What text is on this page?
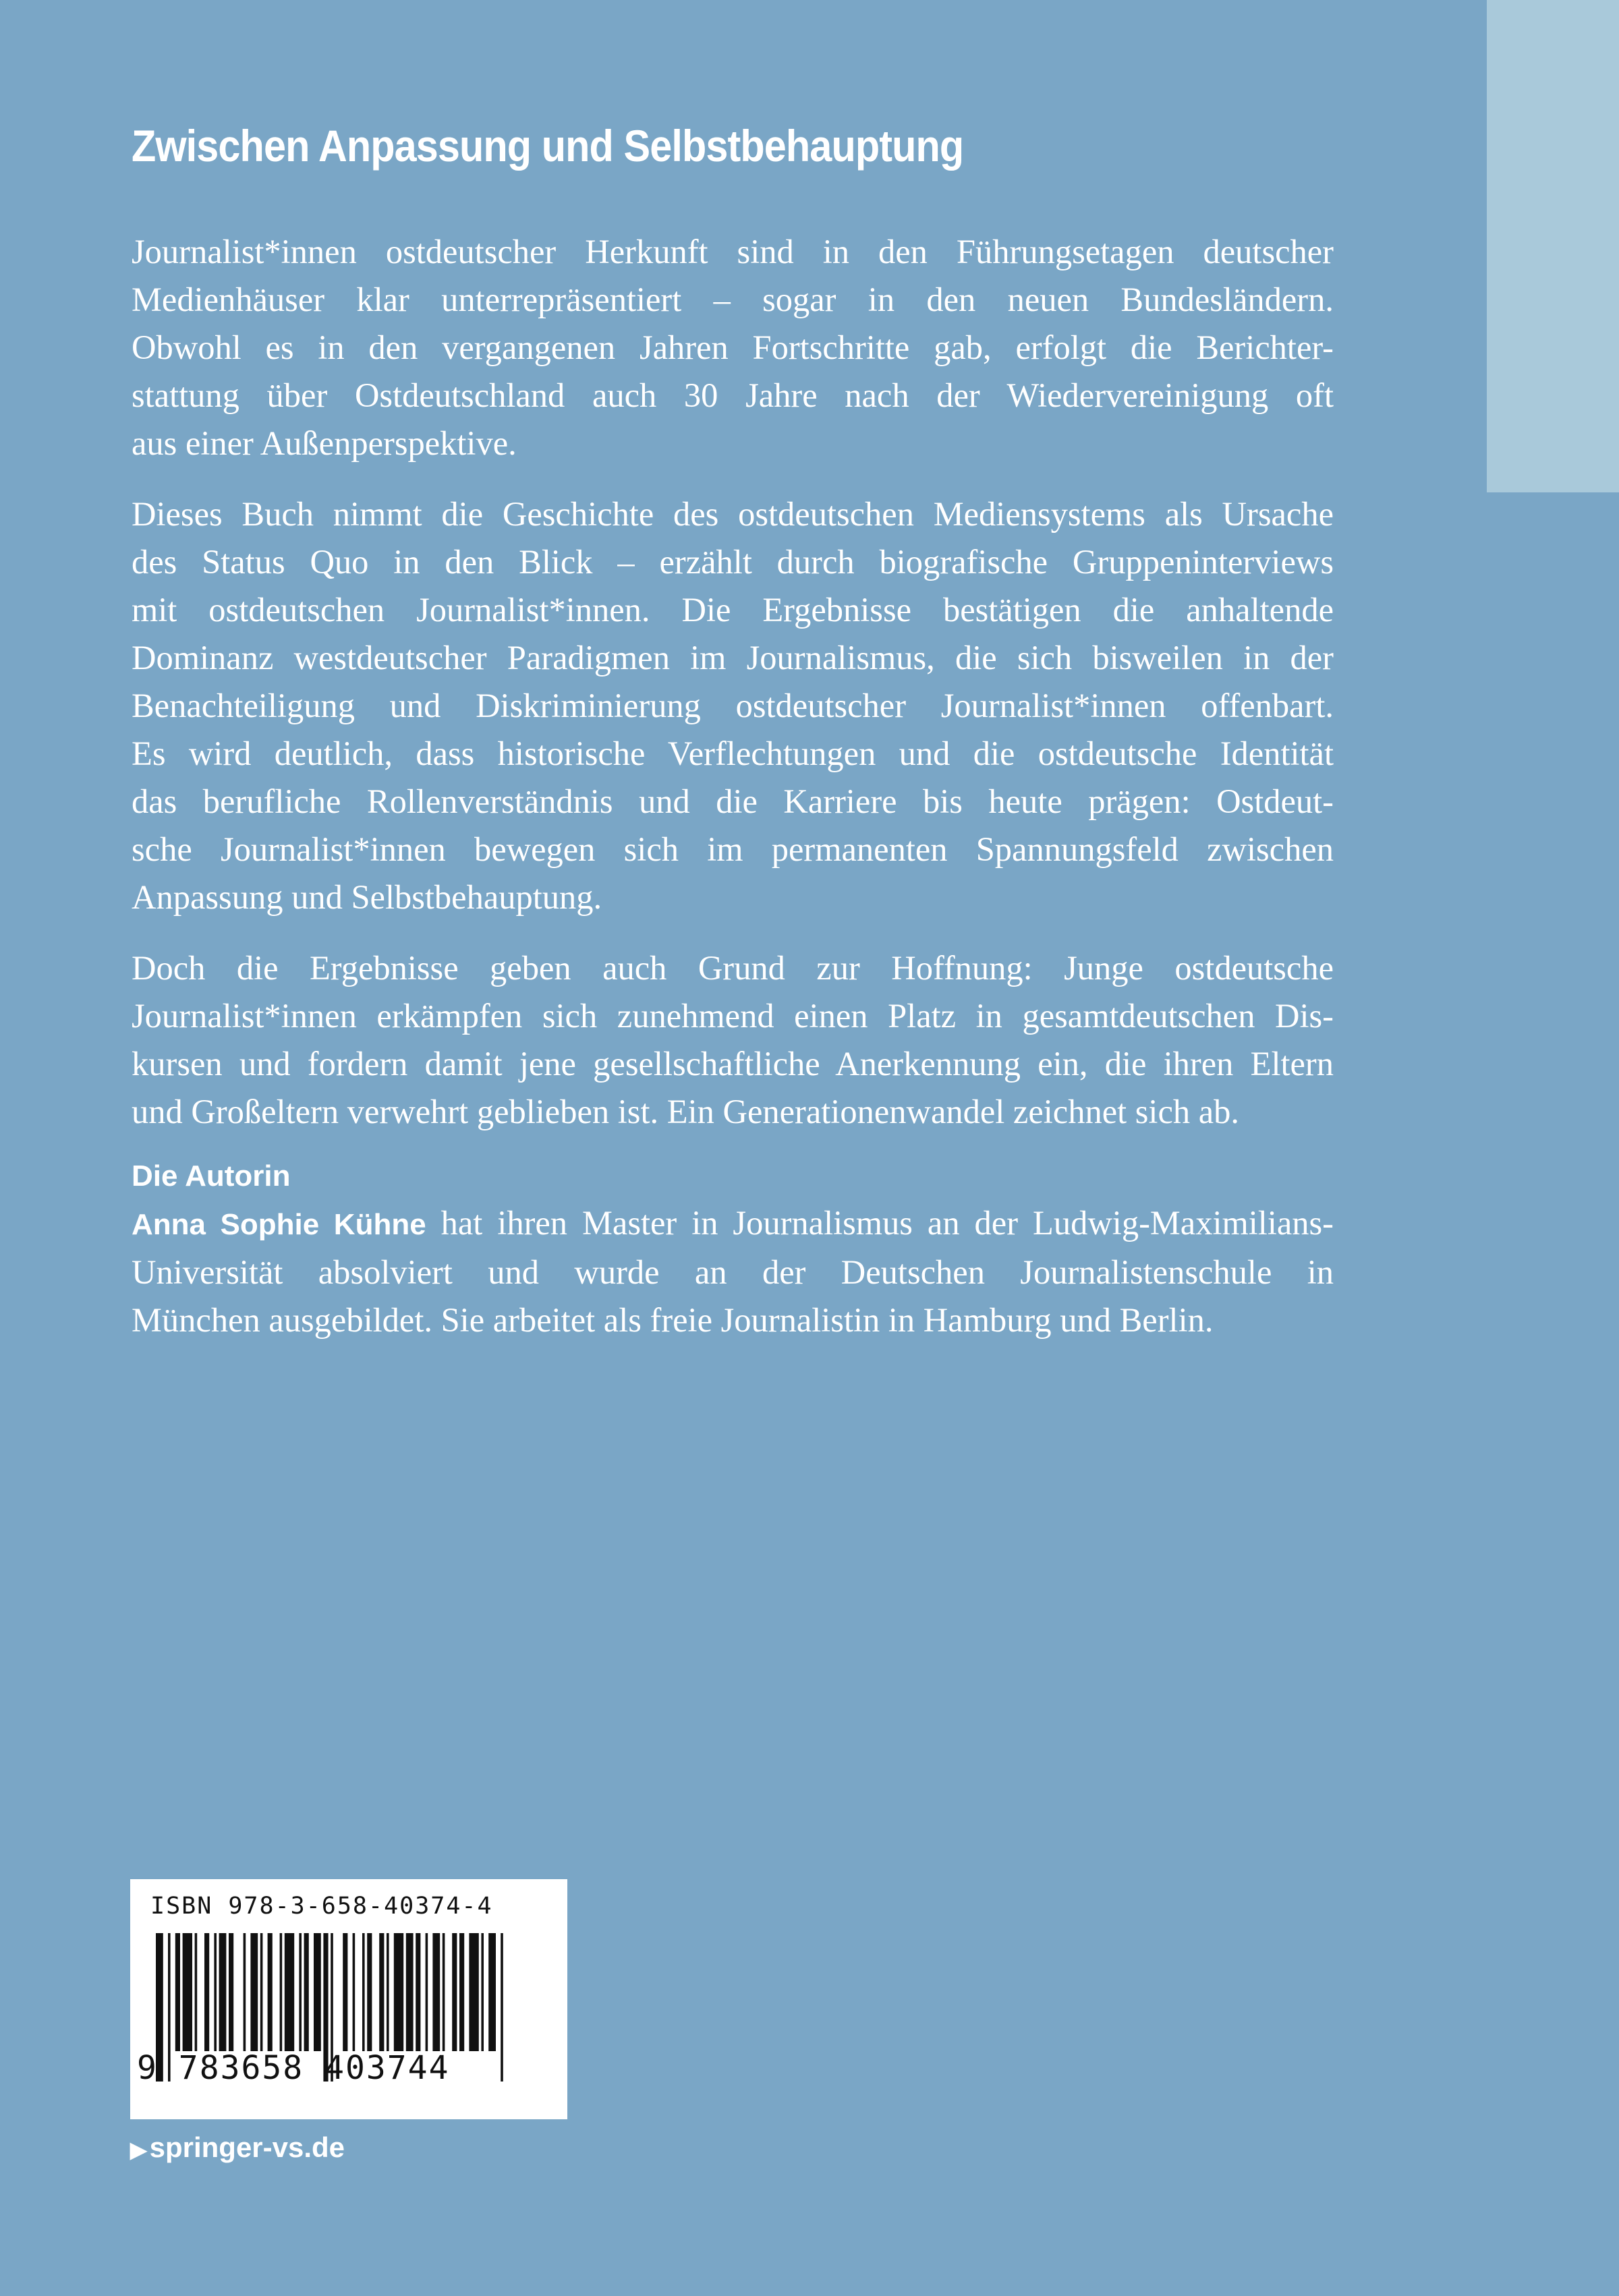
Zwischen Anpassung und Selbstbehauptung
Journalist*innen ostdeutscher Herkunft sind in den Führungsetagen deutscher
Medienhäuser klar unterrepräsentiert – sogar in den neuen Bundesländern.
Obwohl es in den vergangenen Jahren Fortschritte gab, erfolgt die Berichter-
stattung über Ostdeutschland auch 30 Jahre nach der Wiedervereinigung oft
aus einer Außenperspektive.
Dieses Buch nimmt die Geschichte des ostdeutschen Mediensystems als Ursache
des Status Quo in den Blick – erzählt durch biografische Gruppeninterviews
mit ostdeutschen Journalist*innen. Die Ergebnisse bestätigen die anhaltende
Dominanz westdeutscher Paradigmen im Journalismus, die sich bisweilen in der
Benachteiligung und Diskriminierung ostdeutscher Journalist*innen offenbart.
Es wird deutlich, dass historische Verflechtungen und die ostdeutsche Identität
das berufliche Rollenverständnis und die Karriere bis heute prägen: Ostdeut-
sche Journalist*innen bewegen sich im permanenten Spannungsfeld zwischen
Anpassung und Selbstbehauptung.
Doch die Ergebnisse geben auch Grund zur Hoffnung: Junge ostdeutsche
Journalist*innen erkämpfen sich zunehmend einen Platz in gesamtdeutschen Dis-
kursen und fordern damit jene gesellschaftliche Anerkennung ein, die ihren Eltern
und Großeltern verwehrt geblieben ist. Ein Generationenwandel zeichnet sich ab.
Die Autorin
Anna Sophie Kühne hat ihren Master in Journalismus an der Ludwig-Maximilians-
Universität absolviert und wurde an der Deutschen Journalistenschule in
München ausgebildet. Sie arbeitet als freie Journalistin in Hamburg und Berlin.
ISBN 978-3-658-40374-4
9 783658 403744
▶springer-vs.de
